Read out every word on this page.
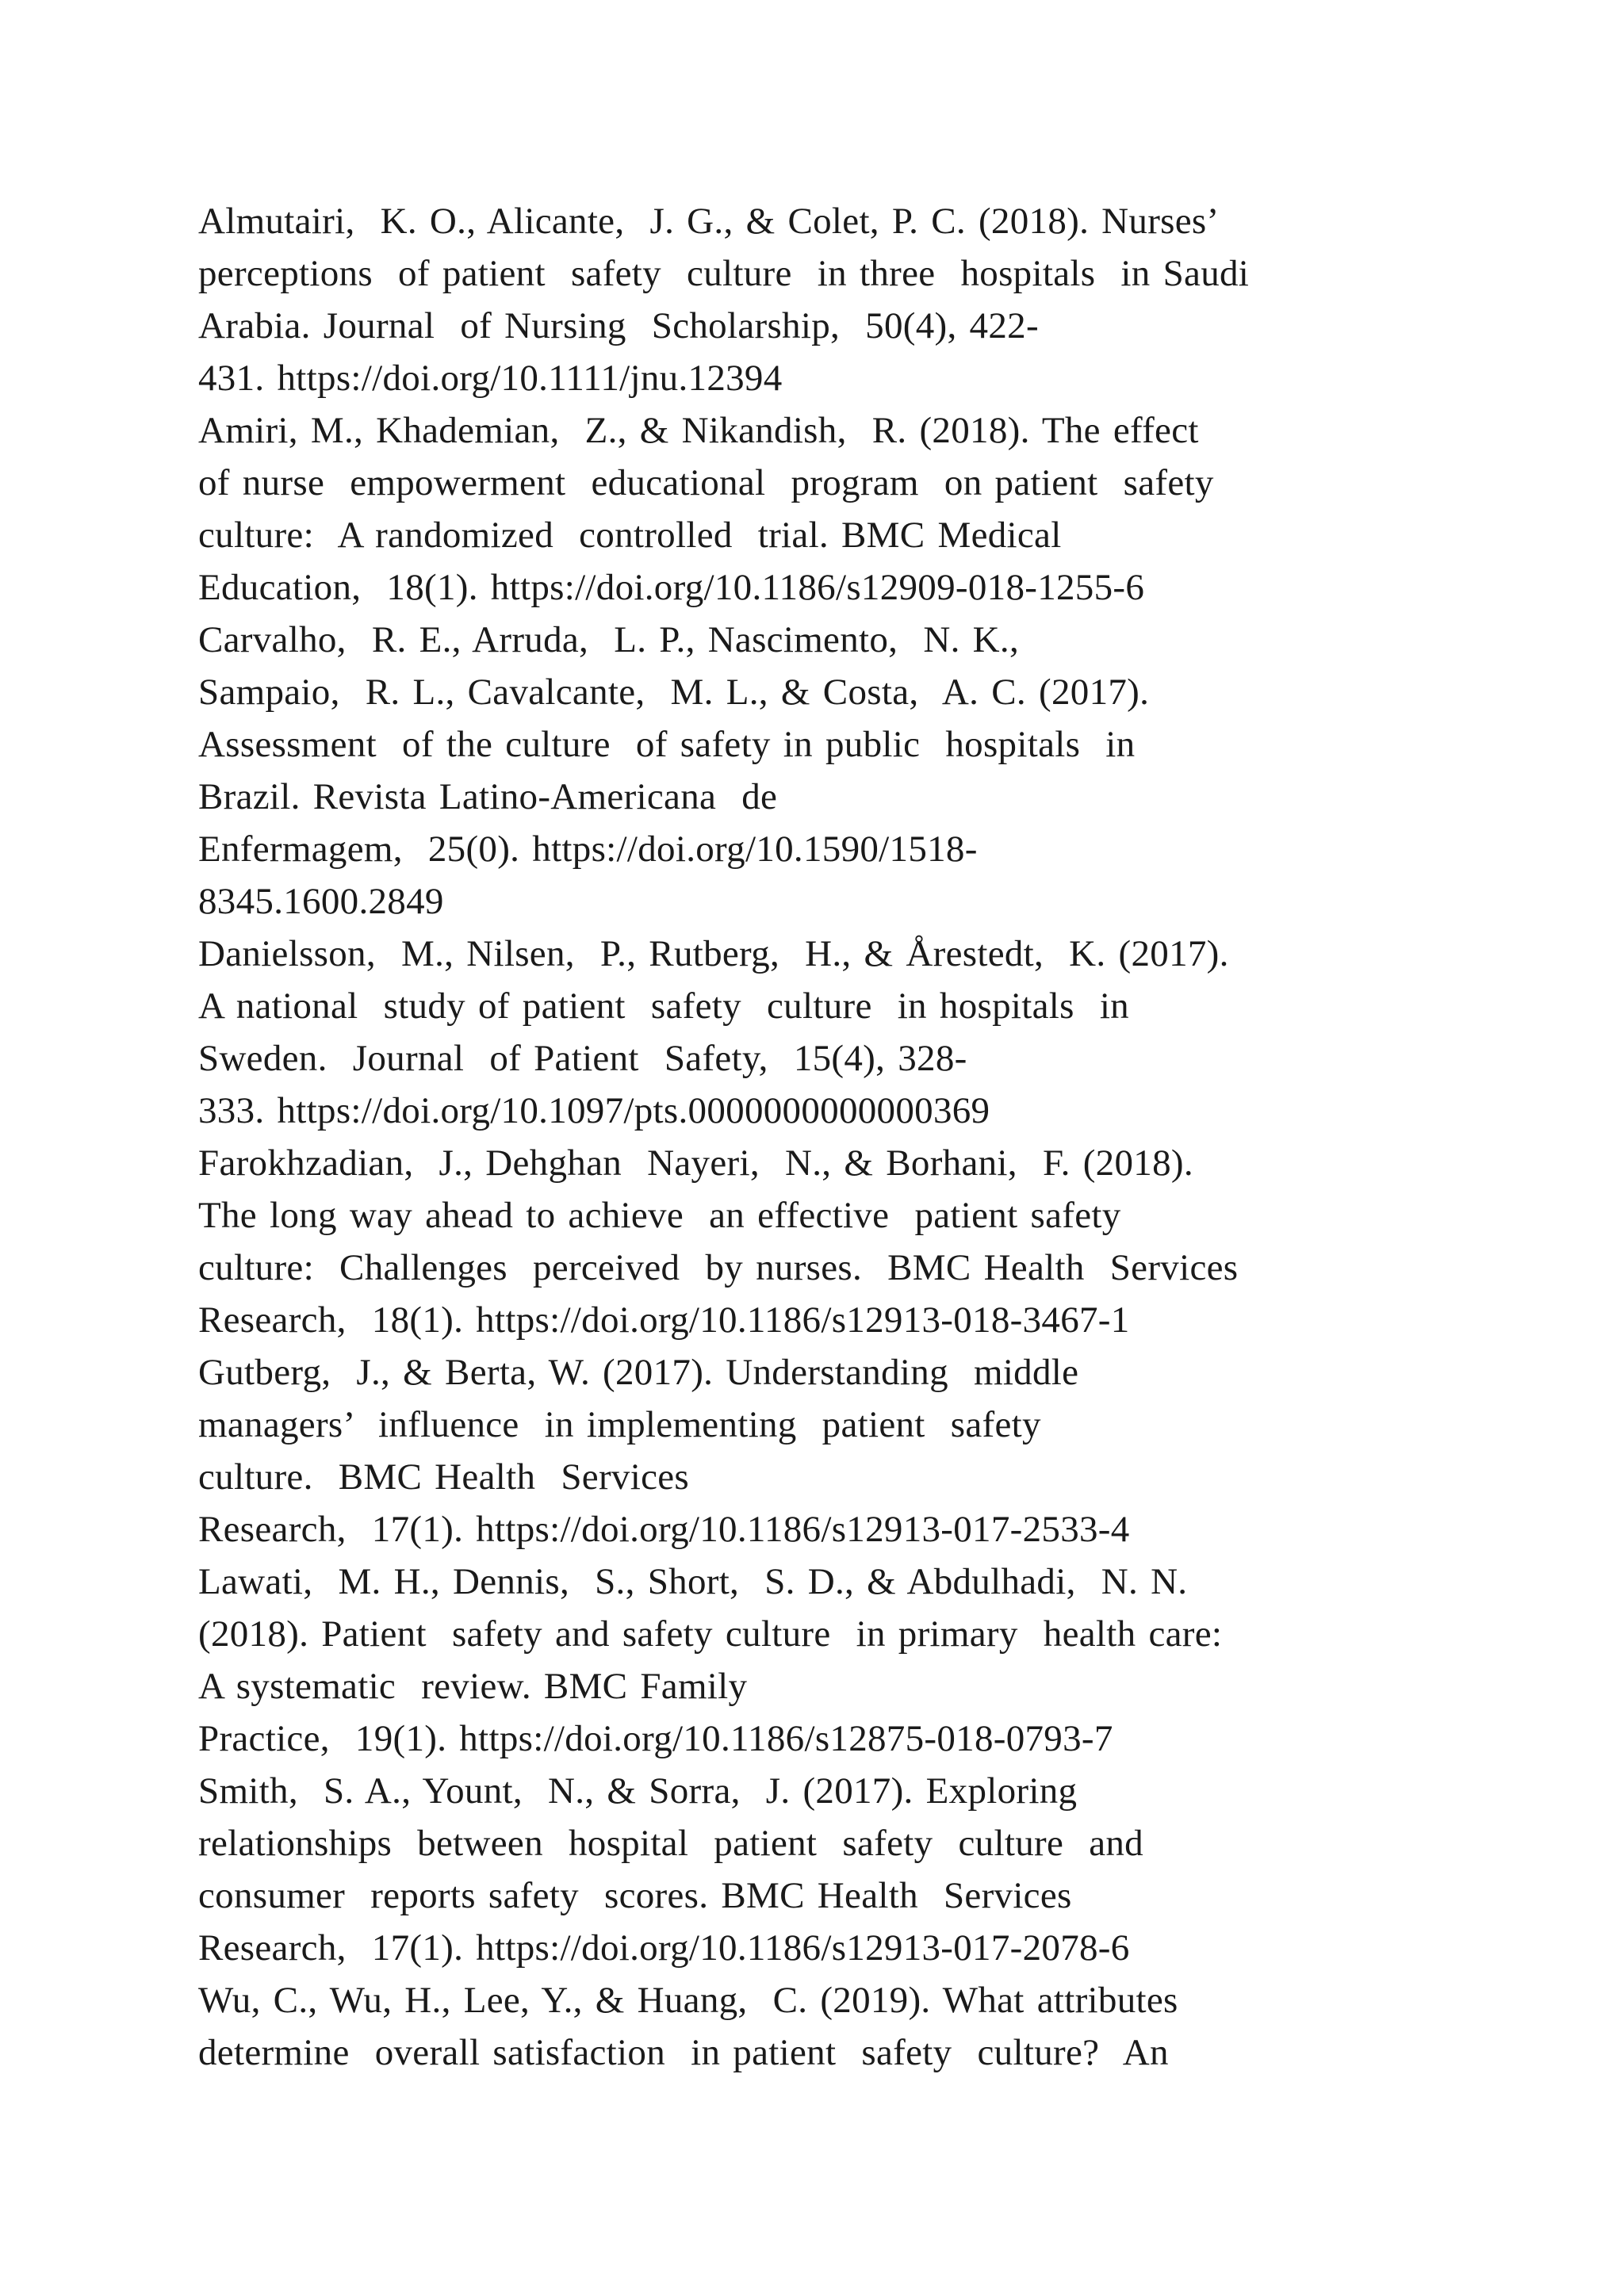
Almutairi,  K. O., Alicante,  J. G., & Colet, P. C. (2018). Nurses’
perceptions  of patient  safety  culture  in three  hospitals  in Saudi
Arabia. Journal  of Nursing  Scholarship,  50(4), 422-
431. https://doi.org/10.1111/jnu.12394
Amiri, M., Khademian,  Z., & Nikandish,  R. (2018). The effect
of nurse  empowerment  educational  program  on patient  safety
culture:  A randomized  controlled  trial. BMC Medical
Education,  18(1). https://doi.org/10.1186/s12909-018-1255-6
Carvalho,  R. E., Arruda,  L. P., Nascimento,  N. K.,
Sampaio,  R. L., Cavalcante,  M. L., & Costa,  A. C. (2017).
Assessment  of the culture  of safety in public  hospitals  in
Brazil. Revista Latino-Americana  de
Enfermagem,  25(0). https://doi.org/10.1590/1518-
8345.1600.2849
Danielsson,  M., Nilsen,  P., Rutberg,  H., & Årestedt,  K. (2017).
A national  study of patient  safety  culture  in hospitals  in
Sweden.  Journal  of Patient  Safety,  15(4), 328-
333. https://doi.org/10.1097/pts.0000000000000369
Farokhzadian,  J., Dehghan  Nayeri,  N., & Borhani,  F. (2018).
The long way ahead to achieve  an effective  patient safety
culture:  Challenges  perceived  by nurses.  BMC Health  Services
Research,  18(1). https://doi.org/10.1186/s12913-018-3467-1
Gutberg,  J., & Berta, W. (2017). Understanding  middle
managers’  influence  in implementing  patient  safety
culture.  BMC Health  Services
Research,  17(1). https://doi.org/10.1186/s12913-017-2533-4
Lawati,  M. H., Dennis,  S., Short,  S. D., & Abdulhadi,  N. N.
(2018). Patient  safety and safety culture  in primary  health care:
A systematic  review. BMC Family
Practice,  19(1). https://doi.org/10.1186/s12875-018-0793-7
Smith,  S. A., Yount,  N., & Sorra,  J. (2017). Exploring
relationships  between  hospital  patient  safety  culture  and
consumer  reports safety  scores. BMC Health  Services
Research,  17(1). https://doi.org/10.1186/s12913-017-2078-6
Wu, C., Wu, H., Lee, Y., & Huang,  C. (2019). What attributes
determine  overall satisfaction  in patient  safety  culture?  An
